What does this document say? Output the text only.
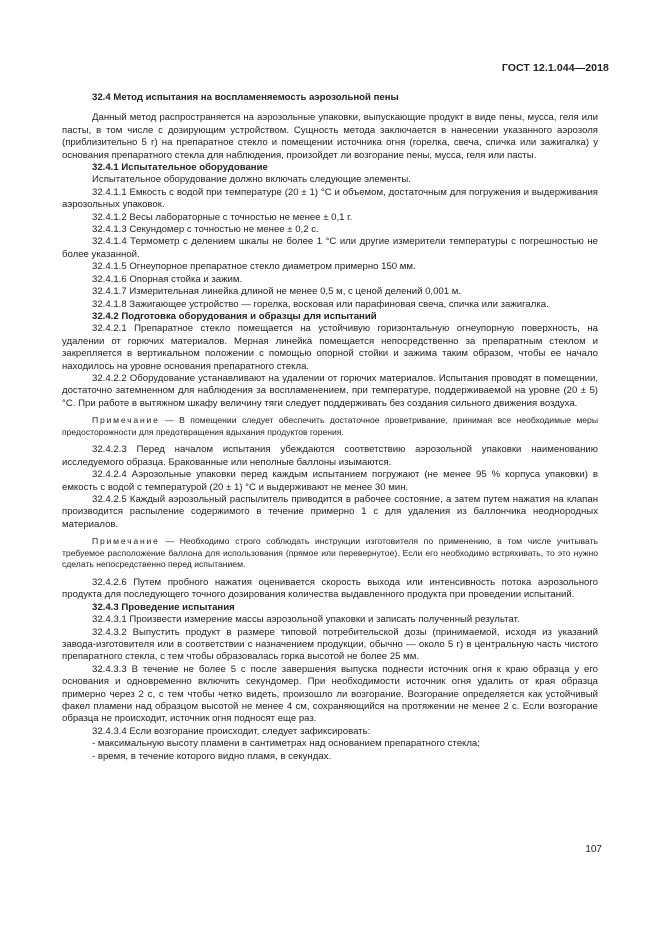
ГОСТ 12.1.044—2018

32.4 Метод испытания на воспламеняемость аэрозольной пены

Данный метод распространяется на аэрозольные упаковки, выпускающие продукт в виде пены, мусса, геля или пасты, в том числе с дозирующим устройством. Сущность метода заключается в нанесении указанного аэрозоля (приблизительно 5 г) на препаратное стекло и помещении источника огня (горелка, свеча, спичка или зажигалка) у основания препаратного стекла для наблюдения, произойдет ли возгорание пены, мусса, геля или пасты.

32.4.1 Испытательное оборудование

Испытательное оборудование должно включать следующие элементы.

32.4.1.1 Емкость с водой при температуре (20 ± 1) °С и объемом, достаточным для погружения и выдерживания аэрозольных упаковок.

32.4.1.2 Весы лабораторные с точностью не менее ± 0,1 г.

32.4.1.3 Секундомер с точностью не менее ± 0,2 с.

32.4.1.4 Термометр с делением шкалы не более 1 °С или другие измерители температуры с погрешностью не более указанной.

32.4.1.5 Огнеупорное препаратное стекло диаметром примерно 150 мм.

32.4.1.6 Опорная стойка и зажим.

32.4.1.7 Измерительная линейка длиной не менее 0,5 м, с ценой делений 0,001 м.

32.4.1.8 Зажигающее устройство — горелка, восковая или парафиновая свеча, спичка или зажигалка.

32.4.2 Подготовка оборудования и образцы для испытаний

32.4.2.1 Препаратное стекло помещается на устойчивую горизонтальную огнеупорную поверхность, на удалении от горючих материалов. Мерная линейка помещается непосредственно за препаратным стеклом и закрепляется в вертикальном положении с помощью опорной стойки и зажима таким образом, чтобы ее начало находилось на уровне основания препаратного стекла.

32.4.2.2 Оборудование устанавливают на удалении от горючих материалов. Испытания проводят в помещении, достаточно затемненном для наблюдения за воспламенением, при температуре, поддерживаемой на уровне (20 ± 5) °С. При работе в вытяжном шкафу величину тяги следует поддерживать без создания сильного движения воздуха.

Примечание — В помещении следует обеспечить достаточное проветривание, принимая все необходимые меры предосторожности для предотвращения вдыхания продуктов горения.

32.4.2.3 Перед началом испытания убеждаются соответствию аэрозольной упаковки наименованию исследуемого образца. Бракованные или неполные баллоны изымаются.

32.4.2.4 Аэрозольные упаковки перед каждым испытанием погружают (не менее 95 % корпуса упаковки) в емкость с водой с температурой (20 ± 1) °С и выдерживают не менее 30 мин.

32.4.2.5 Каждый аэрозольный распылитель приводится в рабочее состояние, а затем путем нажатия на клапан производится распыление содержимого в течение примерно 1 с для удаления из баллончика неоднородных материалов.

Примечание — Необходимо строго соблюдать инструкции изготовителя по применению, в том числе учитывать требуемое расположение баллона для использования (прямое или перевернутое). Если его необходимо встряхивать, то это нужно сделать непосредственно перед испытанием.

32.4.2.6 Путем пробного нажатия оценивается скорость выхода или интенсивность потока аэрозольного продукта для последующего точного дозирования количества выдавленного продукта при проведении испытаний.

32.4.3 Проведение испытания

32.4.3.1 Произвести измерение массы аэрозольной упаковки и записать полученный результат.

32.4.3.2 Выпустить продукт в размере типовой потребительской дозы (принимаемой, исходя из указаний завода-изготовителя или в соответствии с назначением продукции, обычно — около 5 г) в центральную часть чистого препаратного стекла, с тем чтобы образовалась горка высотой не более 25 мм.

32.4.3.3 В течение не более 5 с после завершения выпуска поднести источник огня к краю образца у его основания и одновременно включить секундомер. При необходимости источник огня удалить от края образца примерно через 2 с, с тем чтобы четко видеть, произошло ли возгорание. Возгорание определяется как устойчивый факел пламени над образцом высотой не менее 4 см, сохраняющийся на протяжении не менее 2 с. Если возгорание образца не происходит, источник огня подносят еще раз.

32.4.3.4 Если возгорание происходит, следует зафиксировать:

- максимальную высоту пламени в сантиметрах над основанием препаратного стекла;

- время, в течение которого видно пламя, в секундах.

107
